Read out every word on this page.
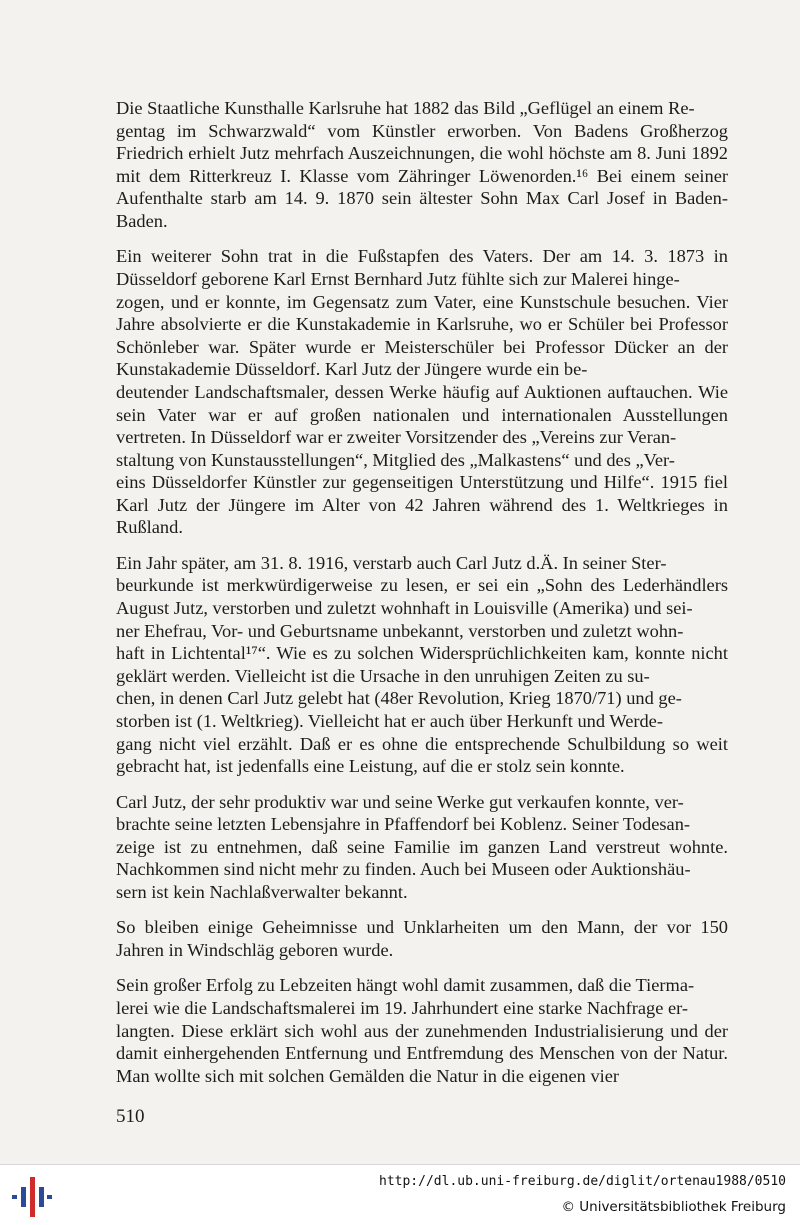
Die Staatliche Kunsthalle Karlsruhe hat 1882 das Bild „Geflügel an einem Re-
gentag im Schwarzwald“ vom Künstler erworben. Von Badens Großherzog Friedrich erhielt Jutz mehrfach Auszeichnungen, die wohl höchste am 8. Juni 1892 mit dem Ritterkreuz I. Klasse vom Zähringer Löwenorden.¹⁶ Bei einem seiner Aufenthalte starb am 14. 9. 1870 sein ältester Sohn Max Carl Josef in Baden-Baden.

Ein weiterer Sohn trat in die Fußstapfen des Vaters. Der am 14. 3. 1873 in Düsseldorf geborene Karl Ernst Bernhard Jutz fühlte sich zur Malerei hinge-
zogen, und er konnte, im Gegensatz zum Vater, eine Kunstschule besuchen. Vier Jahre absolvierte er die Kunstakademie in Karlsruhe, wo er Schüler bei Professor Schönleber war. Später wurde er Meisterschüler bei Professor Dücker an der Kunstakademie Düsseldorf. Karl Jutz der Jüngere wurde ein be-
deutender Landschaftsmaler, dessen Werke häufig auf Auktionen auftauchen. Wie sein Vater war er auf großen nationalen und internationalen Ausstellungen vertreten. In Düsseldorf war er zweiter Vorsitzender des „Vereins zur Veran-
staltung von Kunstausstellungen“, Mitglied des „Malkastens“ und des „Ver-
eins Düsseldorfer Künstler zur gegenseitigen Unterstützung und Hilfe“. 1915 fiel Karl Jutz der Jüngere im Alter von 42 Jahren während des 1. Weltkrieges in Rußland.

Ein Jahr später, am 31. 8. 1916, verstarb auch Carl Jutz d.Ä. In seiner Ster-
beurkunde ist merkwürdigerweise zu lesen, er sei ein „Sohn des Lederhändlers August Jutz, verstorben und zuletzt wohnhaft in Louisville (Amerika) und sei-
ner Ehefrau, Vor- und Geburtsname unbekannt, verstorben und zuletzt wohn-
haft in Lichtental¹⁷“. Wie es zu solchen Widersprüchlichkeiten kam, konnte nicht geklärt werden. Vielleicht ist die Ursache in den unruhigen Zeiten zu su-
chen, in denen Carl Jutz gelebt hat (48er Revolution, Krieg 1870/71) und ge-
storben ist (1. Weltkrieg). Vielleicht hat er auch über Herkunft und Werde-
gang nicht viel erzählt. Daß er es ohne die entsprechende Schulbildung so weit gebracht hat, ist jedenfalls eine Leistung, auf die er stolz sein konnte.

Carl Jutz, der sehr produktiv war und seine Werke gut verkaufen konnte, ver-
brachte seine letzten Lebensjahre in Pfaffendorf bei Koblenz. Seiner Todesan-
zeige ist zu entnehmen, daß seine Familie im ganzen Land verstreut wohnte. Nachkommen sind nicht mehr zu finden. Auch bei Museen oder Auktionshäu-
sern ist kein Nachlaßverwalter bekannt.

So bleiben einige Geheimnisse und Unklarheiten um den Mann, der vor 150 Jahren in Windschläg geboren wurde.

Sein großer Erfolg zu Lebzeiten hängt wohl damit zusammen, daß die Tierma-
lerei wie die Landschaftsmalerei im 19. Jahrhundert eine starke Nachfrage er-
langten. Diese erklärt sich wohl aus der zunehmenden Industrialisierung und der damit einhergehenden Entfernung und Entfremdung des Menschen von der Natur. Man wollte sich mit solchen Gemälden die Natur in die eigenen vier

510
http://dl.ub.uni-freiburg.de/diglit/ortenau1988/0510
© Universitätsbibliothek Freiburg
